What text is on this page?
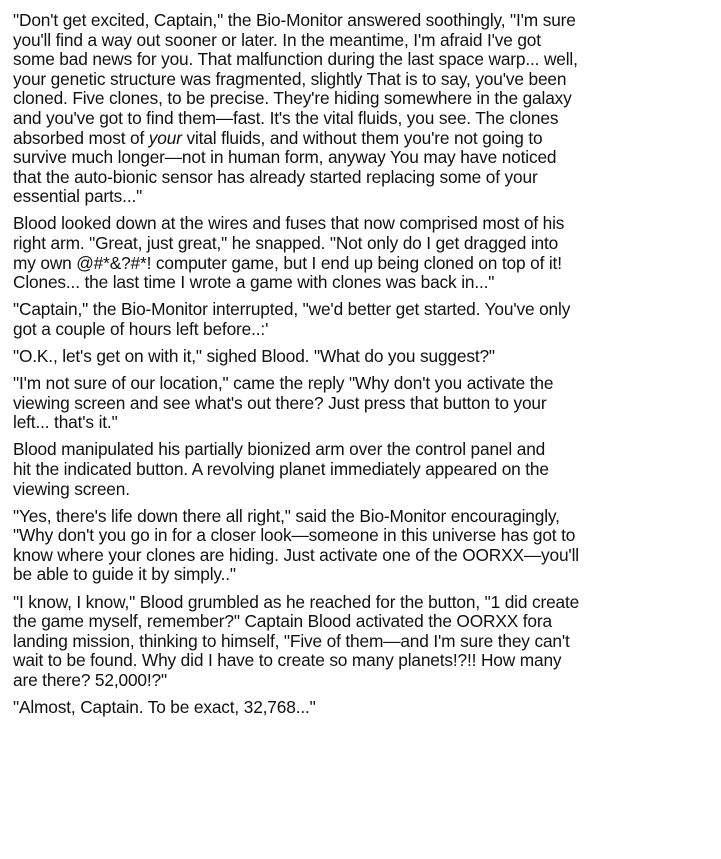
"Don't get excited, Captain," the Bio-Monitor answered soothingly, "I'm sure
you'll find a way out sooner or later. In the meantime, I'm afraid I've got
some bad news for you. That malfunction during the last space warp... well,
your genetic structure was fragmented, slightly That is to say, you've been
cloned. Five clones, to be precise. They're hiding somewhere in the galaxy
and you've got to find them—fast. It's the vital fluids, you see. The clones
absorbed most of your vital fluids, and without them you're not going to
survive much longer—not in human form, anyway You may have noticed
that the auto-bionic sensor has already started replacing some of your
essential parts..."

Blood looked down at the wires and fuses that now comprised most of his
right arm. "Great, just great," he snapped. "Not only do I get dragged into
my own @#*&?#*! computer game, but I end up being cloned on top of it!
Clones... the last time I wrote a game with clones was back in..."

"Captain," the Bio-Monitor interrupted, "we'd better get started. You've only
got a couple of hours left before..:'

"O.K., let's get on with it," sighed Blood. "What do you suggest?"

"I'm not sure of our location," came the reply "Why don't you activate the
viewing screen and see what's out there? Just press that button to your
left... that's it."

Blood manipulated his partially bionized arm over the control panel and
hit the indicated button. A revolving planet immediately appeared on the
viewing screen.

"Yes, there's life down there all right," said the Bio-Monitor encouragingly,
"Why don't you go in for a closer look—someone in this universe has got to
know where your clones are hiding. Just activate one of the OORXX—you'll
be able to guide it by simply.."

"I know, I know," Blood grumbled as he reached for the button, "1 did create
the game myself, remember?" Captain Blood activated the OORXX fora
landing mission, thinking to himself, "Five of them—and I'm sure they can't
wait to be found. Why did I have to create so many planets!?!! How many
are there? 52,000!?"

"Almost, Captain. To be exact, 32,768..."
